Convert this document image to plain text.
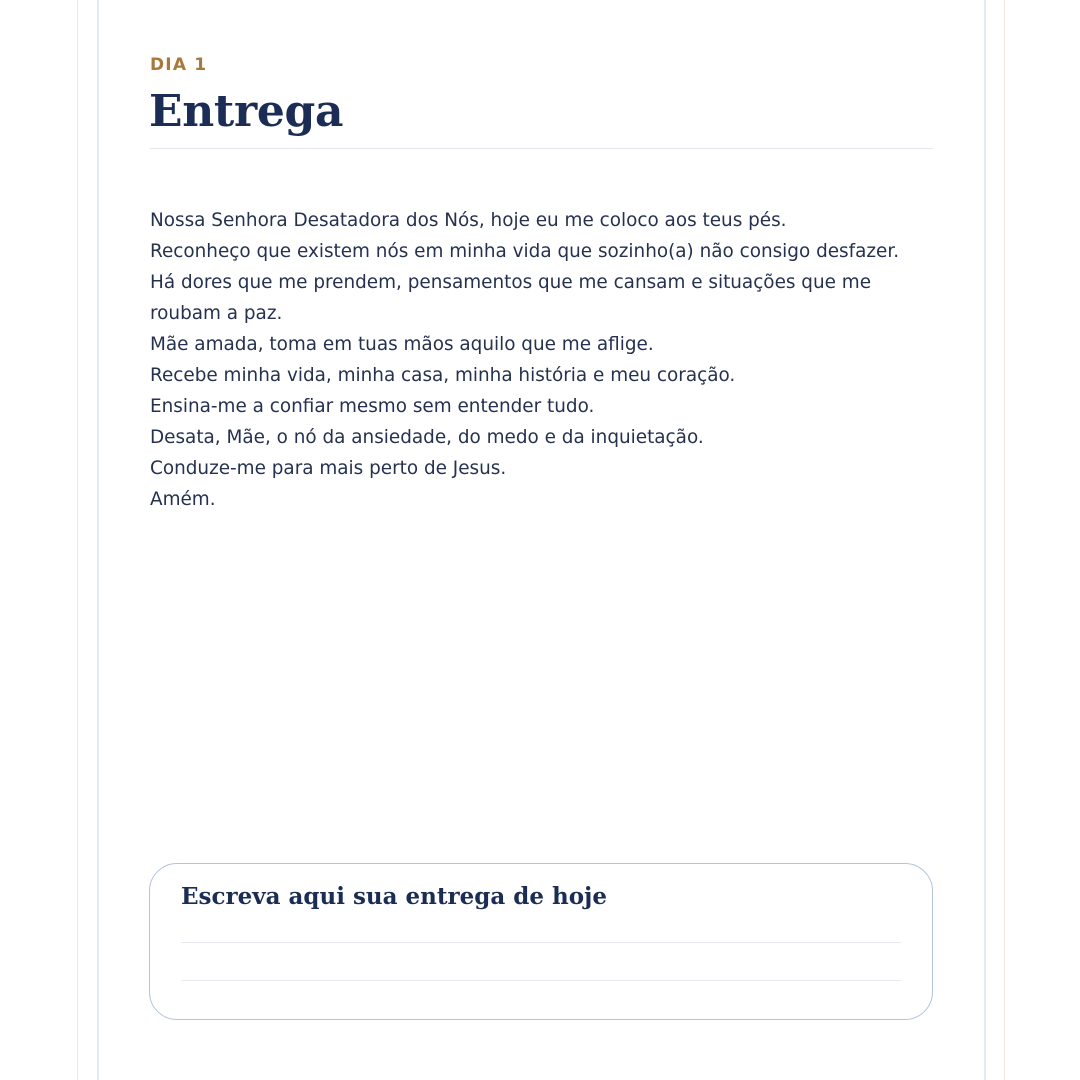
DIA 1

Entrega
Nossa Senhora Desatadora dos Nós, hoje eu me coloco aos teus pés.
Reconheço que existem nós em minha vida que sozinho(a) não consigo desfazer.
Há dores que me prendem, pensamentos que me cansam e situações que me roubam a paz.
Mãe amada, toma em tuas mãos aquilo que me aflige.
Recebe minha vida, minha casa, minha história e meu coração.
Ensina-me a confiar mesmo sem entender tudo.
Desata, Mãe, o nó da ansiedade, do medo e da inquietação.
Conduze-me para mais perto de Jesus.
Amém.
Escreva aqui sua entrega de hoje
